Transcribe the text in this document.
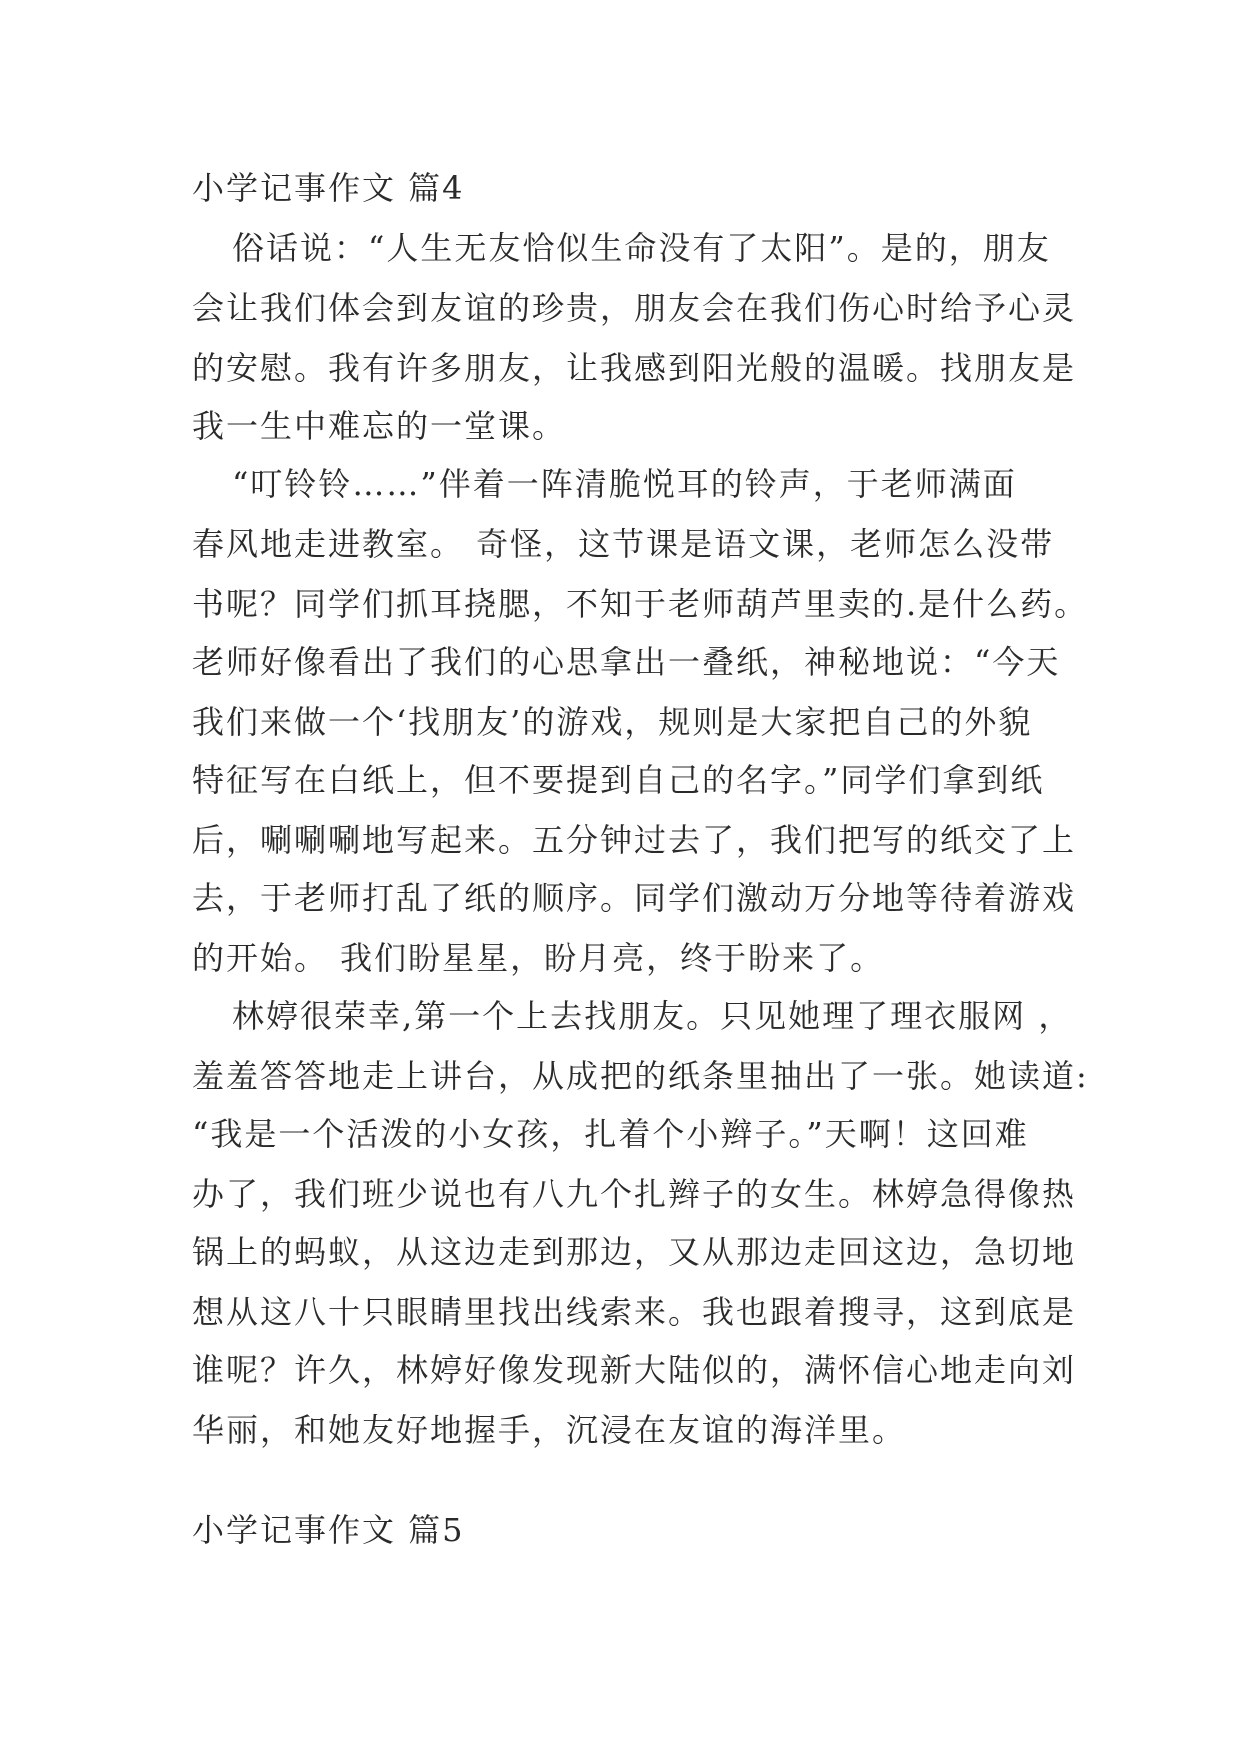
小学记事作文 篇4
俗话说：“人生无友恰似生命没有了太阳”。是的，朋友
会让我们体会到友谊的珍贵，朋友会在我们伤心时给予心灵
的安慰。我有许多朋友，让我感到阳光般的温暖。找朋友是
我一生中难忘的一堂课。
“叮铃铃……”伴着一阵清脆悦耳的铃声，于老师满面
春风地走进教室。 奇怪，这节课是语文课，老师怎么没带
书呢？同学们抓耳挠腮，不知于老师葫芦里卖的.是什么药。
老师好像看出了我们的心思拿出一叠纸，神秘地说：“今天
我们来做一个‘找朋友’的游戏，规则是大家把自己的外貌
特征写在白纸上，但不要提到自己的名字。”同学们拿到纸
后，唰唰唰地写起来。五分钟过去了，我们把写的纸交了上
去，于老师打乱了纸的顺序。同学们激动万分地等待着游戏
的开始。 我们盼星星，盼月亮，终于盼来了。
林婷很荣幸,第一个上去找朋友。只见她理了理衣服网 ，
羞羞答答地走上讲台，从成把的纸条里抽出了一张。她读道:
“我是一个活泼的小女孩，扎着个小辫子。”天啊！这回难
办了，我们班少说也有八九个扎辫子的女生。林婷急得像热
锅上的蚂蚁，从这边走到那边，又从那边走回这边，急切地
想从这八十只眼睛里找出线索来。我也跟着搜寻，这到底是
谁呢？许久，林婷好像发现新大陆似的，满怀信心地走向刘
华丽，和她友好地握手，沉浸在友谊的海洋里。
小学记事作文 篇5
